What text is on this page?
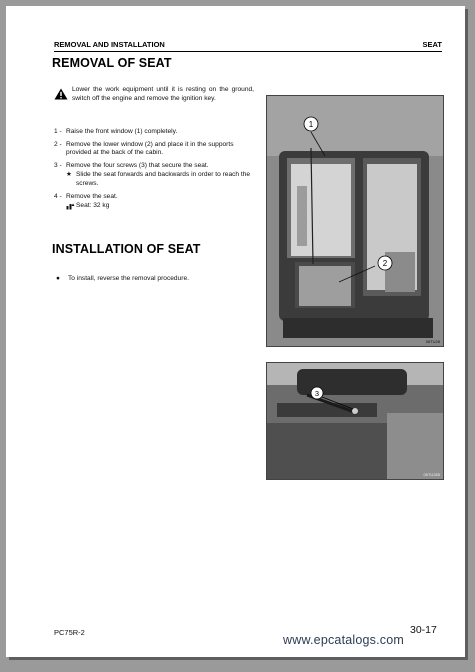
REMOVAL AND INSTALLATION	SEAT
REMOVAL OF SEAT

Lower the work equipment until it is resting on the ground, switch off the engine and remove the ignition key.

1 - Raise the front window (1) completely.
2 - Remove the lower window (2) and place it in the supports provided at the back of the cabin.
3 - Remove the four screws (3) that secure the seat.
★ Slide the seat forwards and backwards in order to reach the screws.
4 - Remove the seat.
Seat: 32 kg
INSTALLATION OF SEAT
● To install, reverse the removal procedure.
1
2
06TU28
3
06TU285
PC75R-2	30-17
www.epcatalogs.com
